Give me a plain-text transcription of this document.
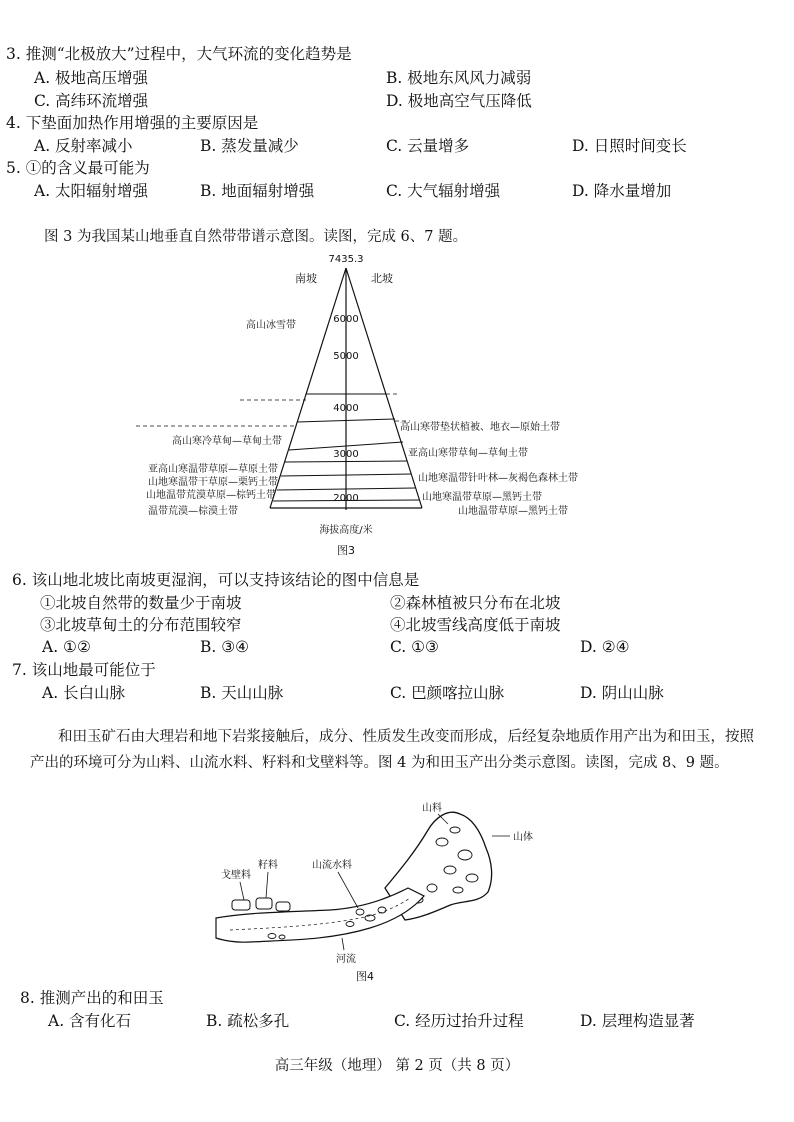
3. 推测“北极放大”过程中，大气环流的变化趋势是
A. 极地高压增强	B. 极地东风风力减弱
C. 高纬环流增强	D. 极地高空气压降低
4. 下垫面加热作用增强的主要原因是
A. 反射率减小	B. 蒸发量减少	C. 云量增多	D. 日照时间变长
5. ①的含义最可能为
A. 太阳辐射增强	B. 地面辐射增强	C. 大气辐射增强	D. 降水量增加
图 3 为我国某山地垂直自然带带谱示意图。读图，完成 6、7 题。
7435.3
南坡	北坡
6000
5000
4000
3000
2000
高山冰雪带
高山寒冷草甸—草甸土带
亚高山寒温带草原—草原土带
山地寒温带干草原—栗钙土带
山地温带荒漠草原—棕钙土带
温带荒漠—棕漠土带
高山寒带垫状植被、地衣—原始土带
亚高山寒带草甸—草甸土带
山地寒温带针叶林—灰褐色森林土带
山地寒温带草原—黑钙土带
山地温带草原—黑钙土带
海拔高度/米
图3
6. 该山地北坡比南坡更湿润，可以支持该结论的图中信息是
①北坡自然带的数量少于南坡	②森林植被只分布在北坡
③北坡草甸土的分布范围较窄	④北坡雪线高度低于南坡
A. ①②	B. ③④	C. ①③	D. ②④
7. 该山地最可能位于
A. 长白山脉	B. 天山山脉	C. 巴颜喀拉山脉	D. 阴山山脉
和田玉矿石由大理岩和地下岩浆接触后，成分、性质发生改变而形成，后经复杂地质作用产出为和田玉，按照产出的环境可分为山料、山流水料、籽料和戈壁料等。图 4 为和田玉产出分类示意图。读图，完成 8、9 题。
山料
山体
戈壁料
籽料	山流水料
河流
图4
8. 推测产出的和田玉
A. 含有化石	B. 疏松多孔	C. 经历过抬升过程	D. 层理构造显著
高三年级（地理） 第 2 页（共 8 页）
